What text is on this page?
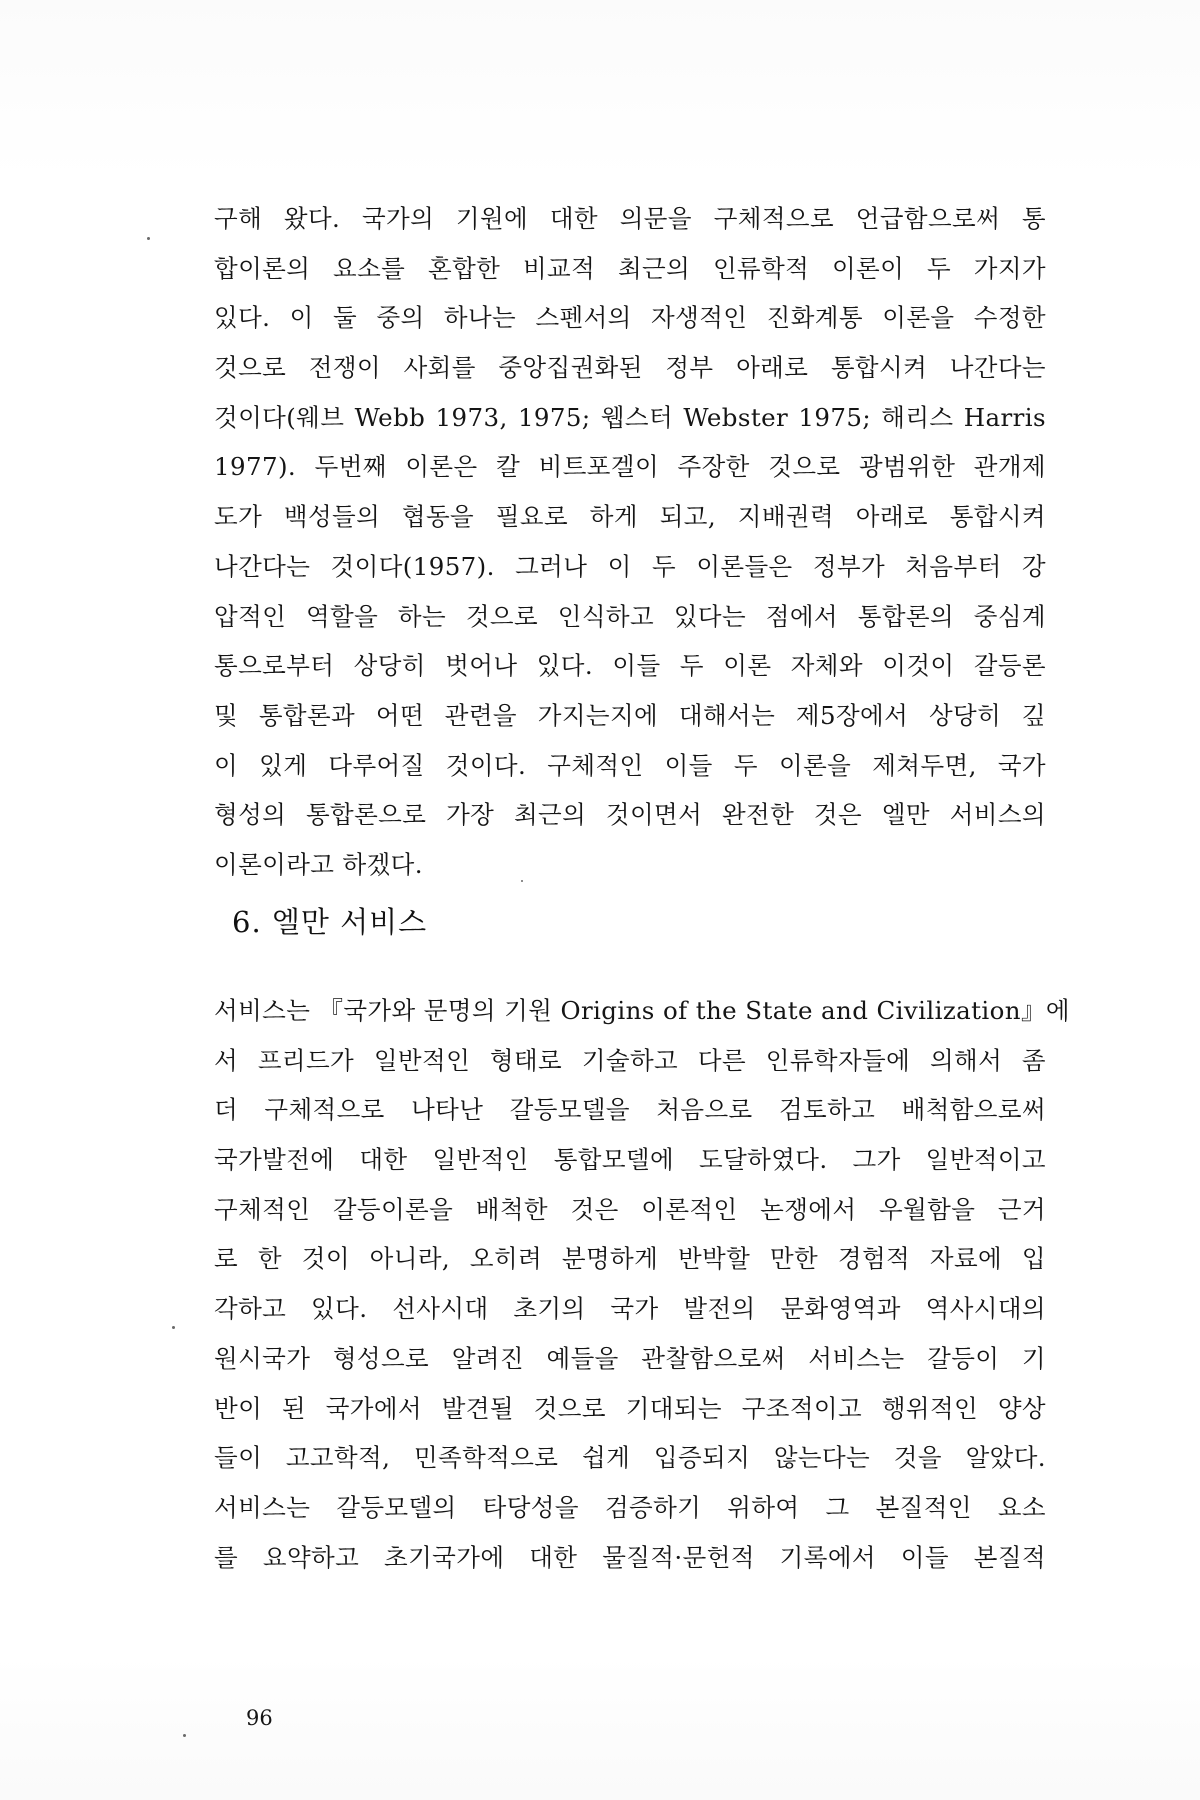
구해 왔다. 국가의 기원에 대한 의문을 구체적으로 언급함으로써 통
합이론의 요소를 혼합한 비교적 최근의 인류학적 이론이 두 가지가
있다. 이 둘 중의 하나는 스펜서의 자생적인 진화계통 이론을 수정한
것으로 전쟁이 사회를 중앙집권화된 정부 아래로 통합시켜 나간다는
것이다(웨브 Webb 1973, 1975; 웹스터 Webster 1975; 해리스 Harris
1977). 두번째 이론은 칼 비트포겔이 주장한 것으로 광범위한 관개제
도가 백성들의 협동을 필요로 하게 되고, 지배권력 아래로 통합시켜
나간다는 것이다(1957). 그러나 이 두 이론들은 정부가 처음부터 강
압적인 역할을 하는 것으로 인식하고 있다는 점에서 통합론의 중심계
통으로부터 상당히 벗어나 있다. 이들 두 이론 자체와 이것이 갈등론
및 통합론과 어떤 관련을 가지는지에 대해서는 제5장에서 상당히 깊
이 있게 다루어질 것이다. 구체적인 이들 두 이론을 제쳐두면, 국가
형성의 통합론으로 가장 최근의 것이면서 완전한 것은 엘만 서비스의
이론이라고 하겠다.
6. 엘만 서비스
서비스는 『국가와 문명의 기원 Origins of the State and Civilization』에
서 프리드가 일반적인 형태로 기술하고 다른 인류학자들에 의해서 좀
더 구체적으로 나타난 갈등모델을 처음으로 검토하고 배척함으로써
국가발전에 대한 일반적인 통합모델에 도달하였다. 그가 일반적이고
구체적인 갈등이론을 배척한 것은 이론적인 논쟁에서 우월함을 근거
로 한 것이 아니라, 오히려 분명하게 반박할 만한 경험적 자료에 입
각하고 있다. 선사시대 초기의 국가 발전의 문화영역과 역사시대의
원시국가 형성으로 알려진 예들을 관찰함으로써 서비스는 갈등이 기
반이 된 국가에서 발견될 것으로 기대되는 구조적이고 행위적인 양상
들이 고고학적, 민족학적으로 쉽게 입증되지 않는다는 것을 알았다.
서비스는 갈등모델의 타당성을 검증하기 위하여 그 본질적인 요소
를 요약하고 초기국가에 대한 물질적·문헌적 기록에서 이들 본질적
96
